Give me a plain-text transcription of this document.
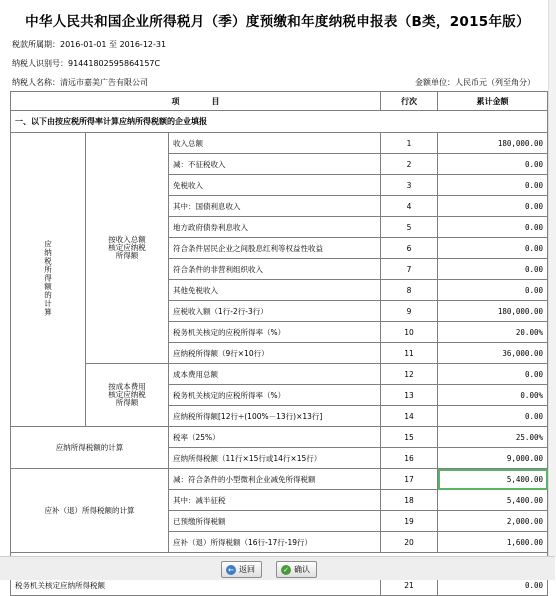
中华人民共和国企业所得税月（季）度预缴和年度纳税申报表（B类，2015年版）
税款所属期：2016-01-01 至 2016-12-31
纳税人识别号：91441802595864157C
纳税人名称：清远市嘉美广告有限公司	金额单位：人民币元（列至角分）
项　　　　目			行次	累计金额
一、以下由按应税所得率计算应纳所得税额的企业填报				
应纳税所得额的计算	按收入总额核定应纳税所得额	收入总额	1	180,000.00
		减：不征税收入	2	0.00
		免税收入	3	0.00
		其中：国债利息收入	4	0.00
		地方政府债券利息收入	5	0.00
		符合条件居民企业之间股息红利等权益性收益	6	0.00
		符合条件的非营利组织收入	7	0.00
		其他免税收入	8	0.00
		应税收入额（1行-2行-3行）	9	180,000.00
		税务机关核定的应税所得率（%）	10	20.00%
		应纳税所得额（9行×10行）	11	36,000.00
	按成本费用核定应纳税所得额	成本费用总额	12	0.00
		税务机关核定的应税所得率（%）	13	0.00%
		应纳税所得额[12行÷(100%－13行)×13行]	14	0.00
应纳所得税额的计算		税率（25%）	15	25.00%
		应纳所得税额（11行×15行或14行×15行）	16	9,000.00
应补（退）所得税额的计算		减：符合条件的小型微利企业减免所得税额	17	5,400.00
		其中：减半征税	18	5,400.00
		已预缴所得税额	19	2,000.00
		应补（退）所得税额（16行-17行-19行）	20	1,600.00

税务机关核定应纳所得税额			21	0.00
← 返回	✓ 确认
